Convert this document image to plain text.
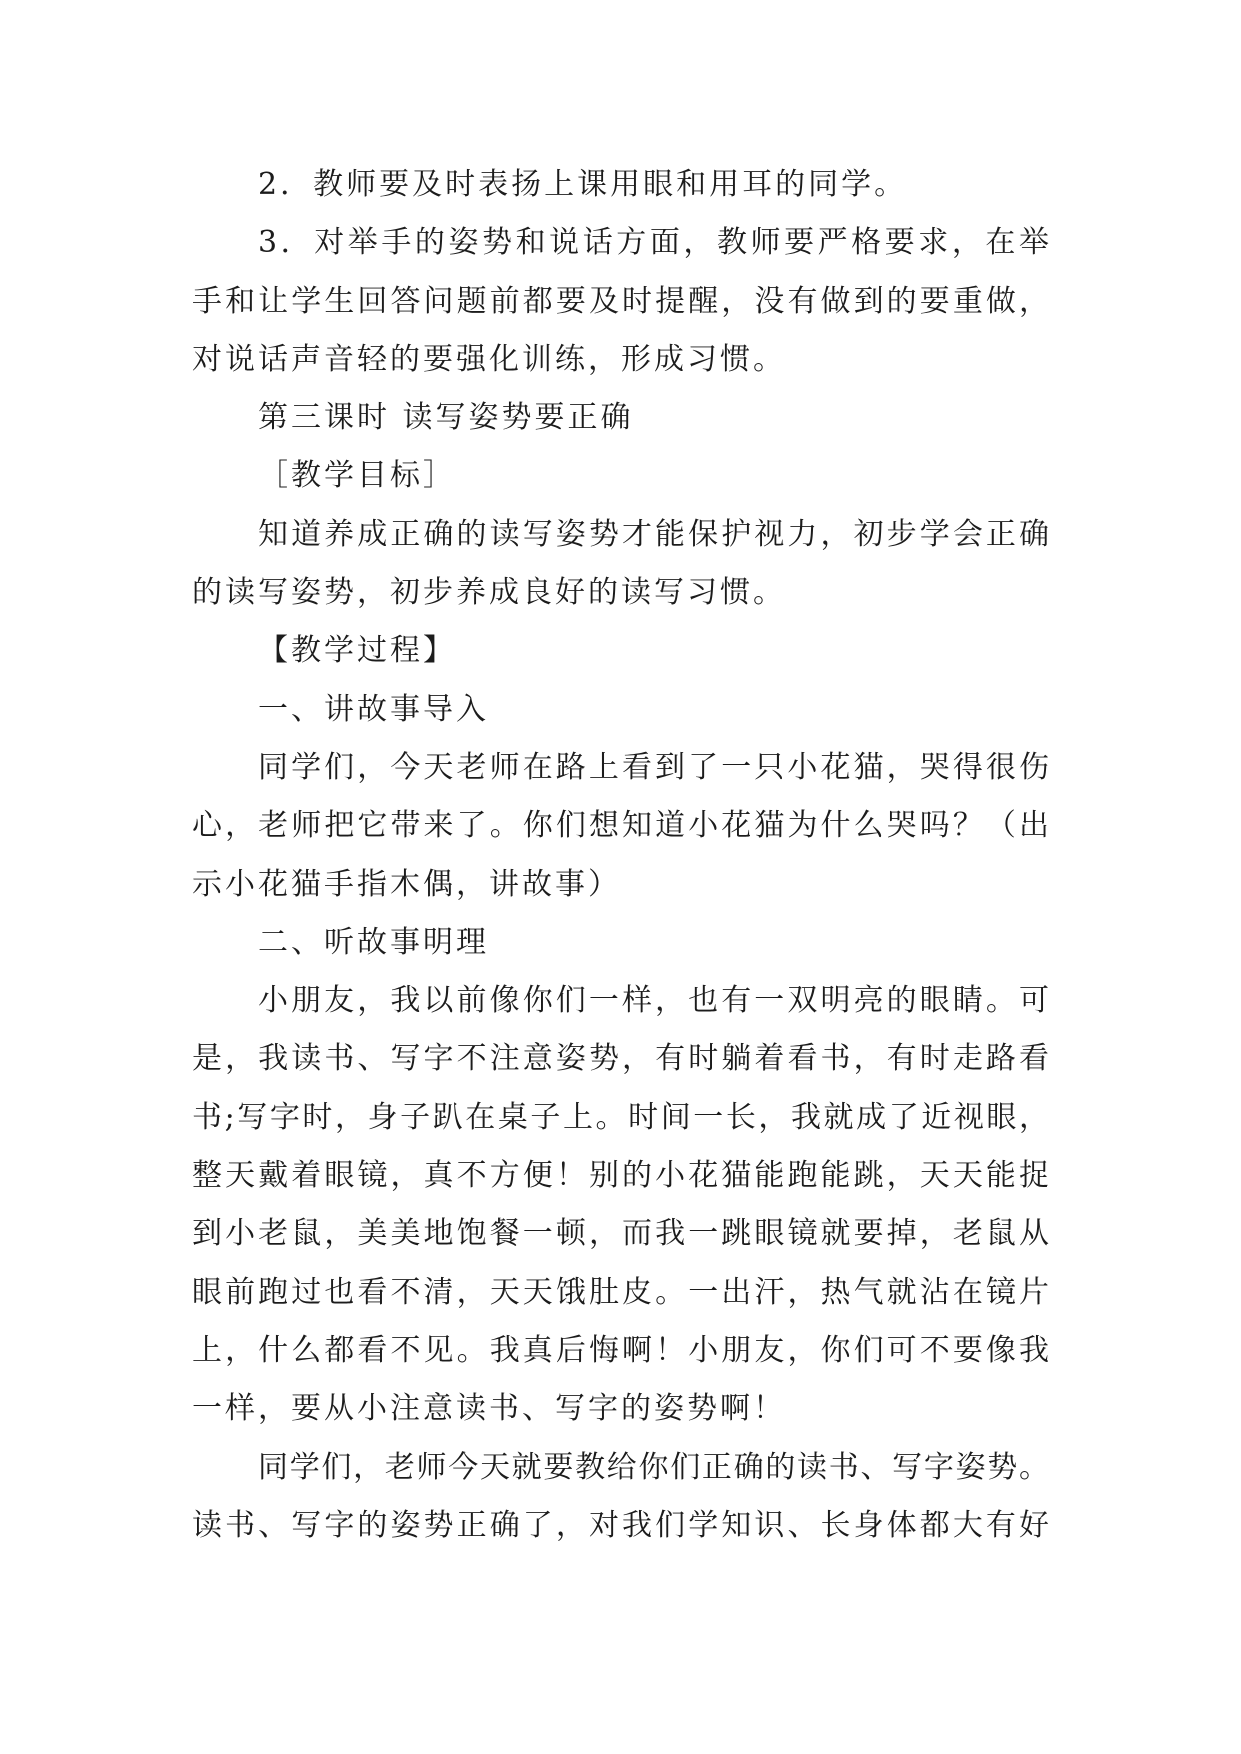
2．教师要及时表扬上课用眼和用耳的同学。
3．对举手的姿势和说话方面，教师要严格要求，在举
手和让学生回答问题前都要及时提醒，没有做到的要重做，
对说话声音轻的要强化训练，形成习惯。
第三课时 读写姿势要正确
［教学目标］
知道养成正确的读写姿势才能保护视力，初步学会正确
的读写姿势，初步养成良好的读写习惯。
【教学过程】
一、讲故事导入
同学们，今天老师在路上看到了一只小花猫，哭得很伤
心，老师把它带来了。你们想知道小花猫为什么哭吗？（出
示小花猫手指木偶，讲故事）
二、听故事明理
小朋友，我以前像你们一样，也有一双明亮的眼睛。可
是，我读书、写字不注意姿势，有时躺着看书，有时走路看
书;写字时，身子趴在桌子上。时间一长，我就成了近视眼，
整天戴着眼镜，真不方便！别的小花猫能跑能跳，天天能捉
到小老鼠，美美地饱餐一顿，而我一跳眼镜就要掉，老鼠从
眼前跑过也看不清，天天饿肚皮。一出汗，热气就沾在镜片
上，什么都看不见。我真后悔啊！小朋友，你们可不要像我
一样，要从小注意读书、写字的姿势啊！
同学们，老师今天就要教给你们正确的读书、写字姿势。
读书、写字的姿势正确了，对我们学知识、长身体都大有好
